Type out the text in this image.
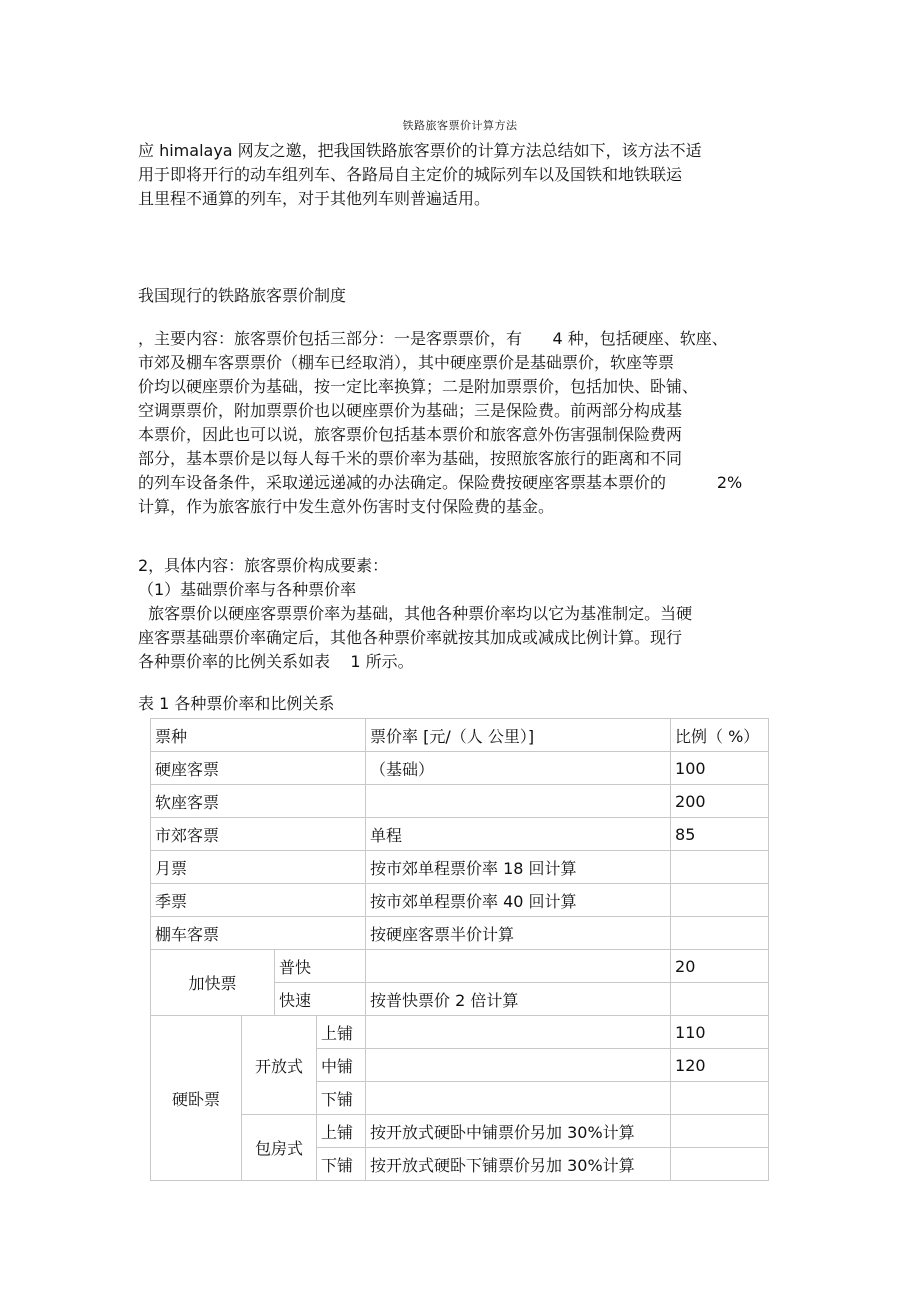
铁路旅客票价计算方法
应 himalaya 网友之邀，把我国铁路旅客票价的计算方法总结如下，该方法不适
用于即将开行的动车组列车、各路局自主定价的城际列车以及国铁和地铁联运
且里程不通算的列车，对于其他列车则普遍适用。
我国现行的铁路旅客票价制度
，主要内容：旅客票价包括三部分：一是客票票价，有      4 种，包括硬座、软座、
市郊及棚车客票票价（棚车已经取消），其中硬座票价是基础票价，软座等票
价均以硬座票价为基础，按一定比率换算；二是附加票票价，包括加快、卧铺、
空调票票价，附加票票价也以硬座票价为基础；三是保险费。前两部分构成基
本票价，因此也可以说，旅客票价包括基本票价和旅客意外伤害强制保险费两
部分，基本票价是以每人每千米的票价率为基础，按照旅客旅行的距离和不同
的列车设备条件，采取递远递减的办法确定。保险费按硬座客票基本票价的          2%
计算，作为旅客旅行中发生意外伤害时支付保险费的基金。
2，具体内容：旅客票价构成要素：
（1）基础票价率与各种票价率
旅客票价以硬座客票票价率为基础，其他各种票价率均以它为基准制定。当硬
座客票基础票价率确定后，其他各种票价率就按其加成或减成比例计算。现行
各种票价率的比例关系如表    1 所示。
表 1 各种票价率和比例关系
票种				票价率 [元/（人 公里）]	比例（ %）
硬座客票				（基础）	100
软座客票					200
市郊客票				单程	85
月票				按市郊单程票价率 18 回计算	
季票				按市郊单程票价率 40 回计算	
棚车客票				按硬座客票半价计算	
加快票		普快			20
		快速		按普快票价 2 倍计算	
硬卧票	开放式		上铺		110
			中铺		120
			下铺		
	包房式		上铺	按开放式硬卧中铺票价另加 30%计算	
			下铺	按开放式硬卧下铺票价另加 30%计算	
